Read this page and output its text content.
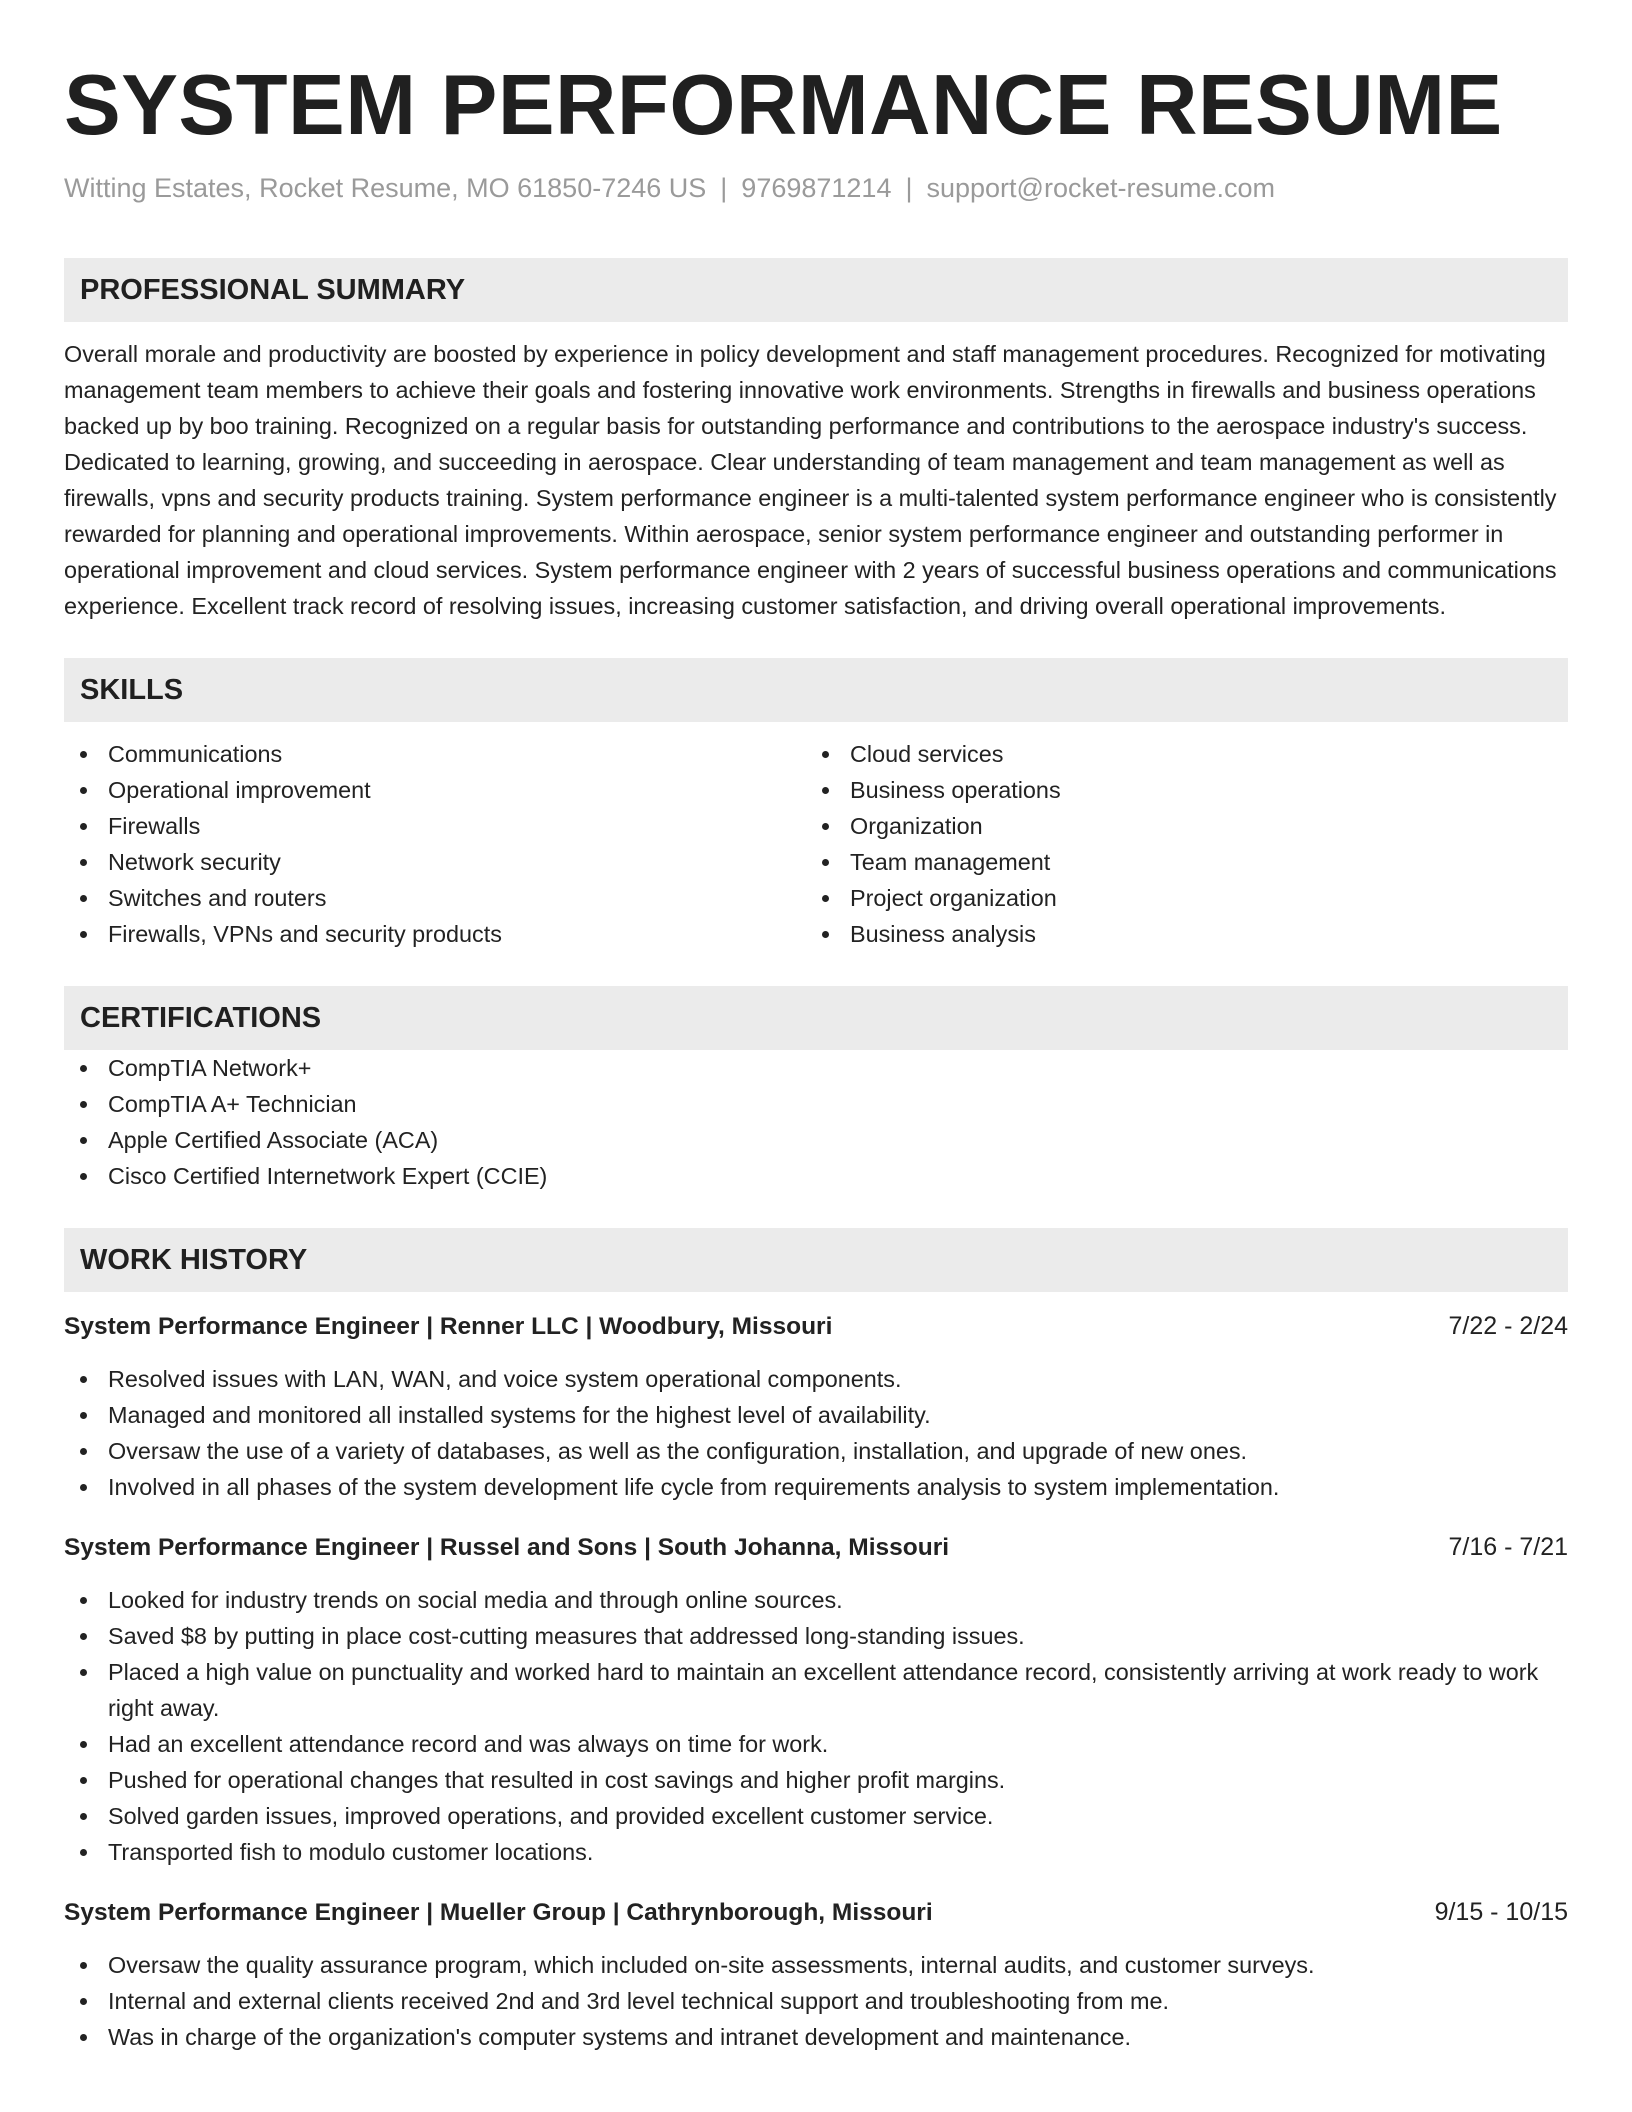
SYSTEM PERFORMANCE RESUME
Witting Estates, Rocket Resume, MO 61850-7246 US | 9769871214 | support@rocket-resume.com
PROFESSIONAL SUMMARY
Overall morale and productivity are boosted by experience in policy development and staff management procedures. Recognized for motivating management team members to achieve their goals and fostering innovative work environments. Strengths in firewalls and business operations backed up by boo training. Recognized on a regular basis for outstanding performance and contributions to the aerospace industry's success. Dedicated to learning, growing, and succeeding in aerospace. Clear understanding of team management and team management as well as firewalls, vpns and security products training. System performance engineer is a multi-talented system performance engineer who is consistently rewarded for planning and operational improvements. Within aerospace, senior system performance engineer and outstanding performer in operational improvement and cloud services. System performance engineer with 2 years of successful business operations and communications experience. Excellent track record of resolving issues, increasing customer satisfaction, and driving overall operational improvements.
SKILLS
Communications
Operational improvement
Firewalls
Network security
Switches and routers
Firewalls, VPNs and security products
Cloud services
Business operations
Organization
Team management
Project organization
Business analysis
CERTIFICATIONS
CompTIA Network+
CompTIA A+ Technician
Apple Certified Associate (ACA)
Cisco Certified Internetwork Expert (CCIE)
WORK HISTORY
System Performance Engineer | Renner LLC | Woodbury, Missouri	7/22 - 2/24
Resolved issues with LAN, WAN, and voice system operational components.
Managed and monitored all installed systems for the highest level of availability.
Oversaw the use of a variety of databases, as well as the configuration, installation, and upgrade of new ones.
Involved in all phases of the system development life cycle from requirements analysis to system implementation.
System Performance Engineer | Russel and Sons | South Johanna, Missouri	7/16 - 7/21
Looked for industry trends on social media and through online sources.
Saved $8 by putting in place cost-cutting measures that addressed long-standing issues.
Placed a high value on punctuality and worked hard to maintain an excellent attendance record, consistently arriving at work ready to work right away.
Had an excellent attendance record and was always on time for work.
Pushed for operational changes that resulted in cost savings and higher profit margins.
Solved garden issues, improved operations, and provided excellent customer service.
Transported fish to modulo customer locations.
System Performance Engineer | Mueller Group | Cathrynborough, Missouri	9/15 - 10/15
Oversaw the quality assurance program, which included on-site assessments, internal audits, and customer surveys.
Internal and external clients received 2nd and 3rd level technical support and troubleshooting from me.
Was in charge of the organization's computer systems and intranet development and maintenance.
